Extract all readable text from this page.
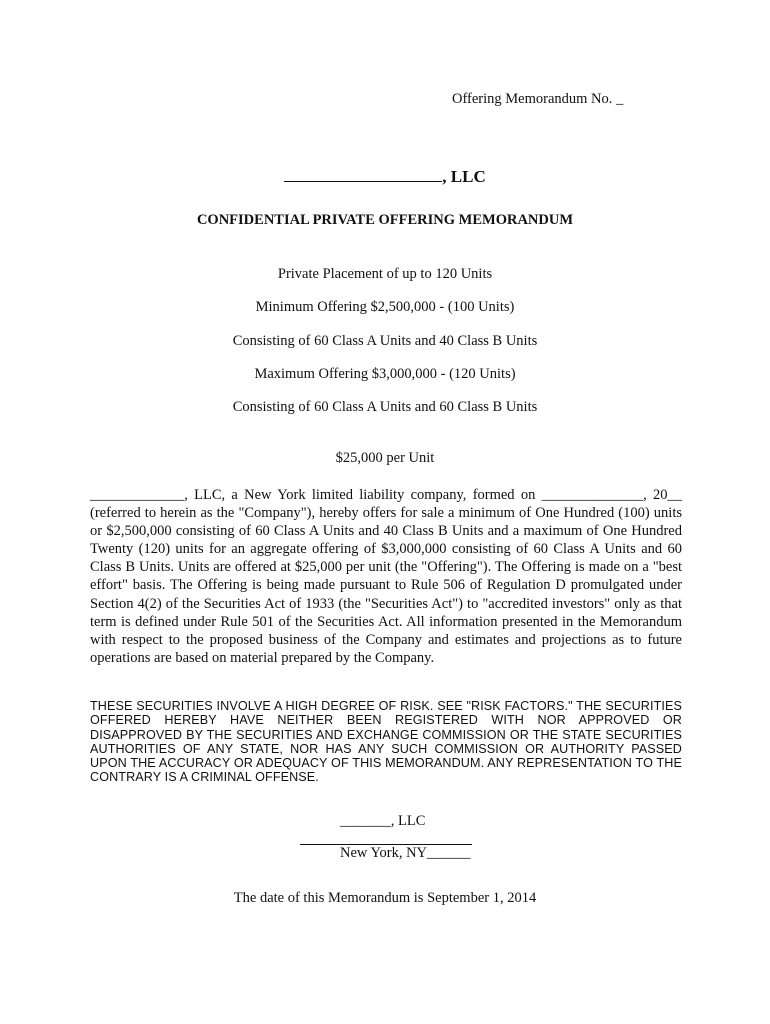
Offering Memorandum No. _
, LLC
CONFIDENTIAL PRIVATE OFFERING MEMORANDUM
Private Placement of up to 120 Units
Minimum Offering $2,500,000 - (100 Units)
Consisting of 60 Class A Units and 40 Class B Units
Maximum Offering $3,000,000 - (120 Units)
Consisting of 60 Class A Units and 60 Class B Units
$25,000 per Unit

_____________, LLC, a New York limited liability company, formed on ______________, 20__ (referred to herein as the "Company"), hereby offers for sale a minimum of One Hundred (100) units or $2,500,000 consisting of 60 Class A Units and 40 Class B Units and a maximum of One Hundred Twenty (120) units for an aggregate offering of $3,000,000 consisting of 60 Class A Units and 60 Class B Units. Units are offered at $25,000 per unit (the "Offering"). The Offering is made on a "best effort" basis. The Offering is being made pursuant to Rule 506 of Regulation D promulgated under Section 4(2) of the Securities Act of 1933 (the "Securities Act") to "accredited investors" only as that term is defined under Rule 501 of the Securities Act. All information presented in the Memorandum with respect to the proposed business of the Company and estimates and projections as to future operations are based on material prepared by the Company.

THESE SECURITIES INVOLVE A HIGH DEGREE OF RISK. SEE "RISK FACTORS." THE SECURITIES OFFERED HEREBY HAVE NEITHER BEEN REGISTERED WITH NOR APPROVED OR DISAPPROVED BY THE SECURITIES AND EXCHANGE COMMISSION OR THE STATE SECURITIES AUTHORITIES OF ANY STATE, NOR HAS ANY SUCH COMMISSION OR AUTHORITY PASSED UPON THE ACCURACY OR ADEQUACY OF THIS MEMORANDUM. ANY REPRESENTATION TO THE CONTRARY IS A CRIMINAL OFFENSE.

_______, LLC
New York, NY______
The date of this Memorandum is September 1, 2014
